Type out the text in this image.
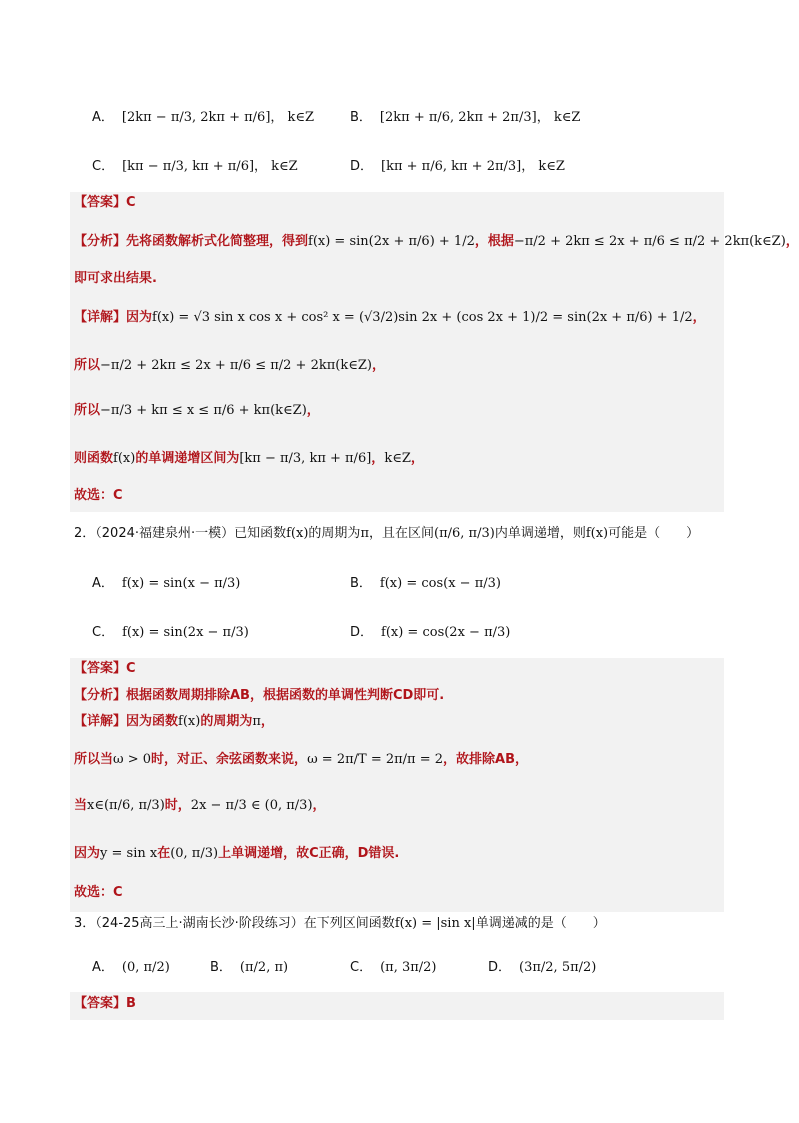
A． [2kπ − π/3, 2kπ + π/6]， k∈Z	B． [2kπ + π/6, 2kπ + 2π/3]， k∈Z
C． [kπ − π/3, kπ + π/6]， k∈Z	D． [kπ + π/6, kπ + 2π/3]， k∈Z
【答案】C
【分析】先将函数解析式化简整理，得到f(x) = sin(2x + π/6) + 1/2，根据−π/2 + 2kπ ≤ 2x + π/6 ≤ π/2 + 2kπ(k∈Z)，
即可求出结果.
【详解】因为f(x) = √3 sin x cos x + cos² x = (√3/2)sin 2x + (cos 2x + 1)/2 = sin(2x + π/6) + 1/2，
所以−π/2 + 2kπ ≤ 2x + π/6 ≤ π/2 + 2kπ(k∈Z)，
所以−π/3 + kπ ≤ x ≤ π/6 + kπ(k∈Z)，
则函数f(x)的单调递增区间为[kπ − π/3, kπ + π/6]，k∈Z，
故选：C
2．（2024·福建泉州·一模）已知函数f(x)的周期为π，且在区间(π/6, π/3)内单调递增，则f(x)可能是（　　）
A． f(x) = sin(x − π/3)	B． f(x) = cos(x − π/3)
C． f(x) = sin(2x − π/3)	D． f(x) = cos(2x − π/3)
【答案】C
【分析】根据函数周期排除AB，根据函数的单调性判断CD即可.
【详解】因为函数f(x)的周期为π，
所以当ω > 0时，对正、余弦函数来说，ω = 2π/T = 2π/π = 2，故排除AB，
当x∈(π/6, π/3)时，2x − π/3 ∈ (0, π/3)，
因为y = sin x在(0, π/3)上单调递增，故C正确，D错误.
故选：C
3．（24-25高三上·湖南长沙·阶段练习）在下列区间函数f(x) = |sin x|单调递减的是（　　）
A． (0, π/2)	B． (π/2, π)	C． (π, 3π/2)	D． (3π/2, 5π/2)
【答案】B
